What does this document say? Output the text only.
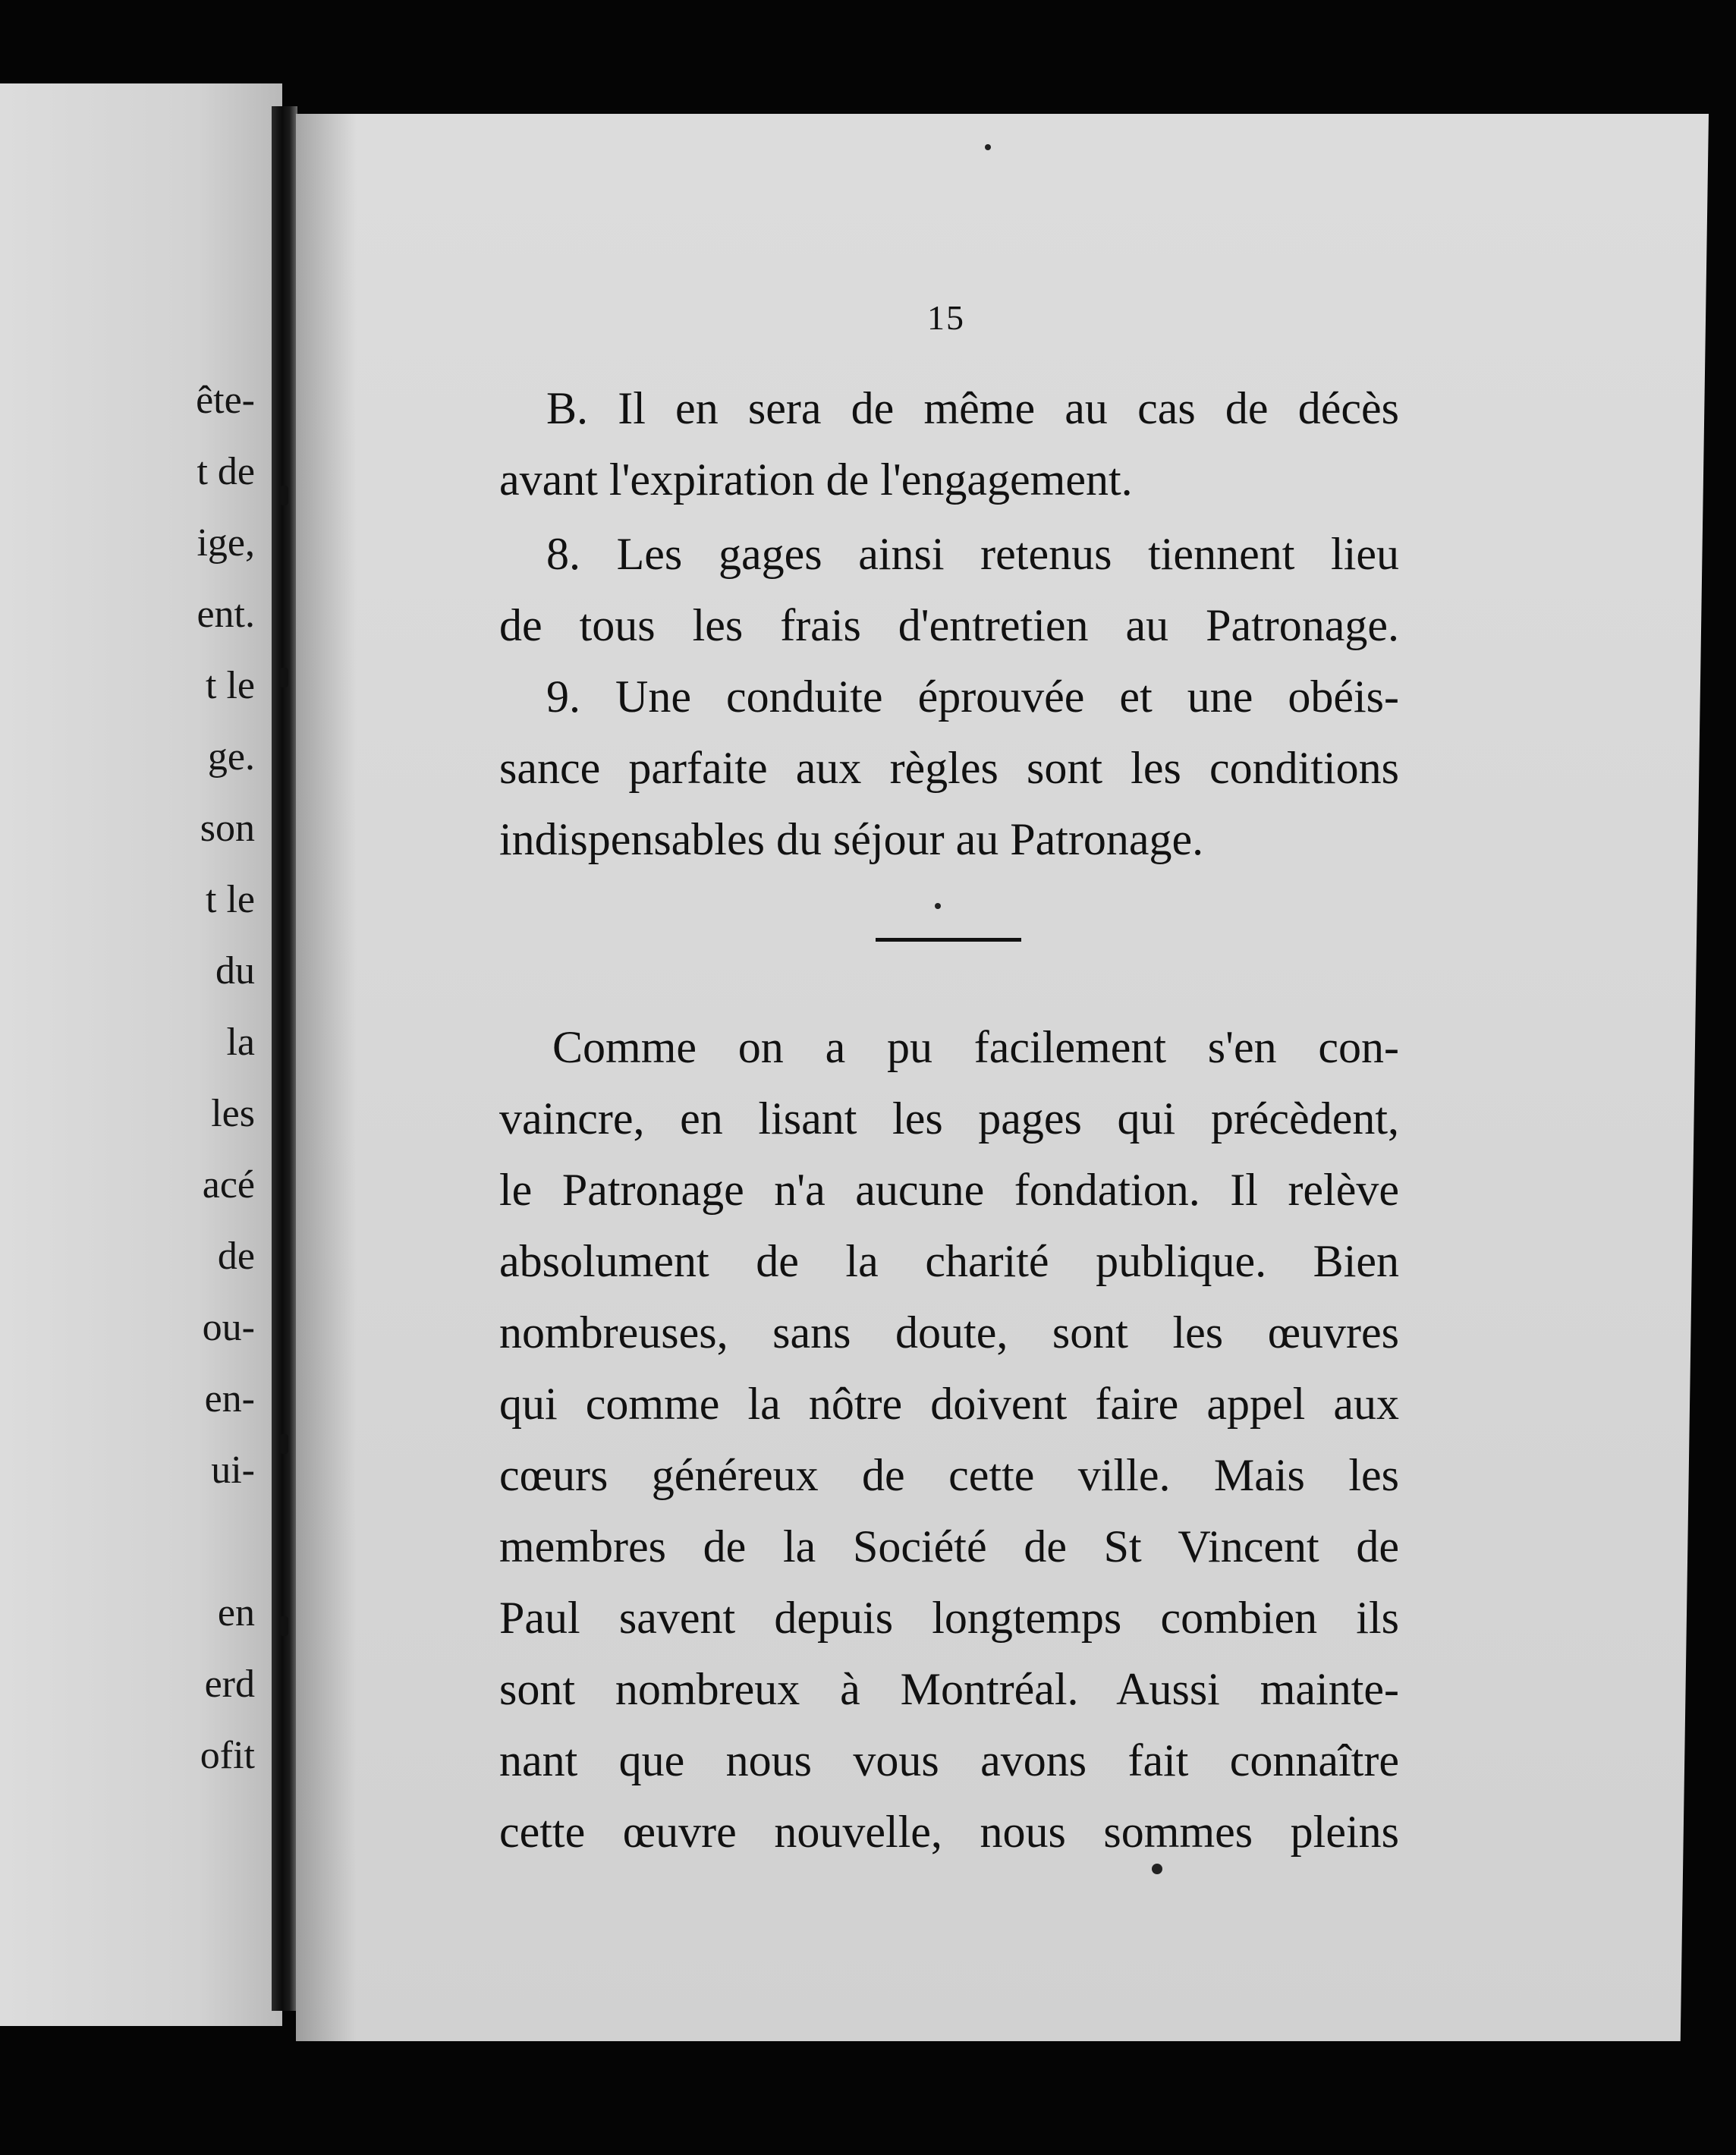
ête-
t de
ige,
ent.
t le
ge.
son
t le
du
la
les
acé
de
ou-
en-
ui-
en
erd
ofit
15
B. Il en sera de même au cas de décès
avant l'expiration de l'engagement.
8. Les gages ainsi retenus tiennent lieu
de tous les frais d'entretien au Patronage.
9. Une conduite éprouvée et une obéis-
sance parfaite aux règles sont les conditions
indispensables du séjour au Patronage.
Comme on a pu facilement s'en con-
vaincre, en lisant les pages qui précèdent,
le Patronage n'a aucune fondation. Il relève
absolument de la charité publique. Bien
nombreuses, sans doute, sont les œuvres
qui comme la nôtre doivent faire appel aux
cœurs généreux de cette ville. Mais les
membres de la Société de St Vincent de
Paul savent depuis longtemps combien ils
sont nombreux à Montréal. Aussi mainte-
nant que nous vous avons fait connaître
cette œuvre nouvelle, nous sommes pleins
